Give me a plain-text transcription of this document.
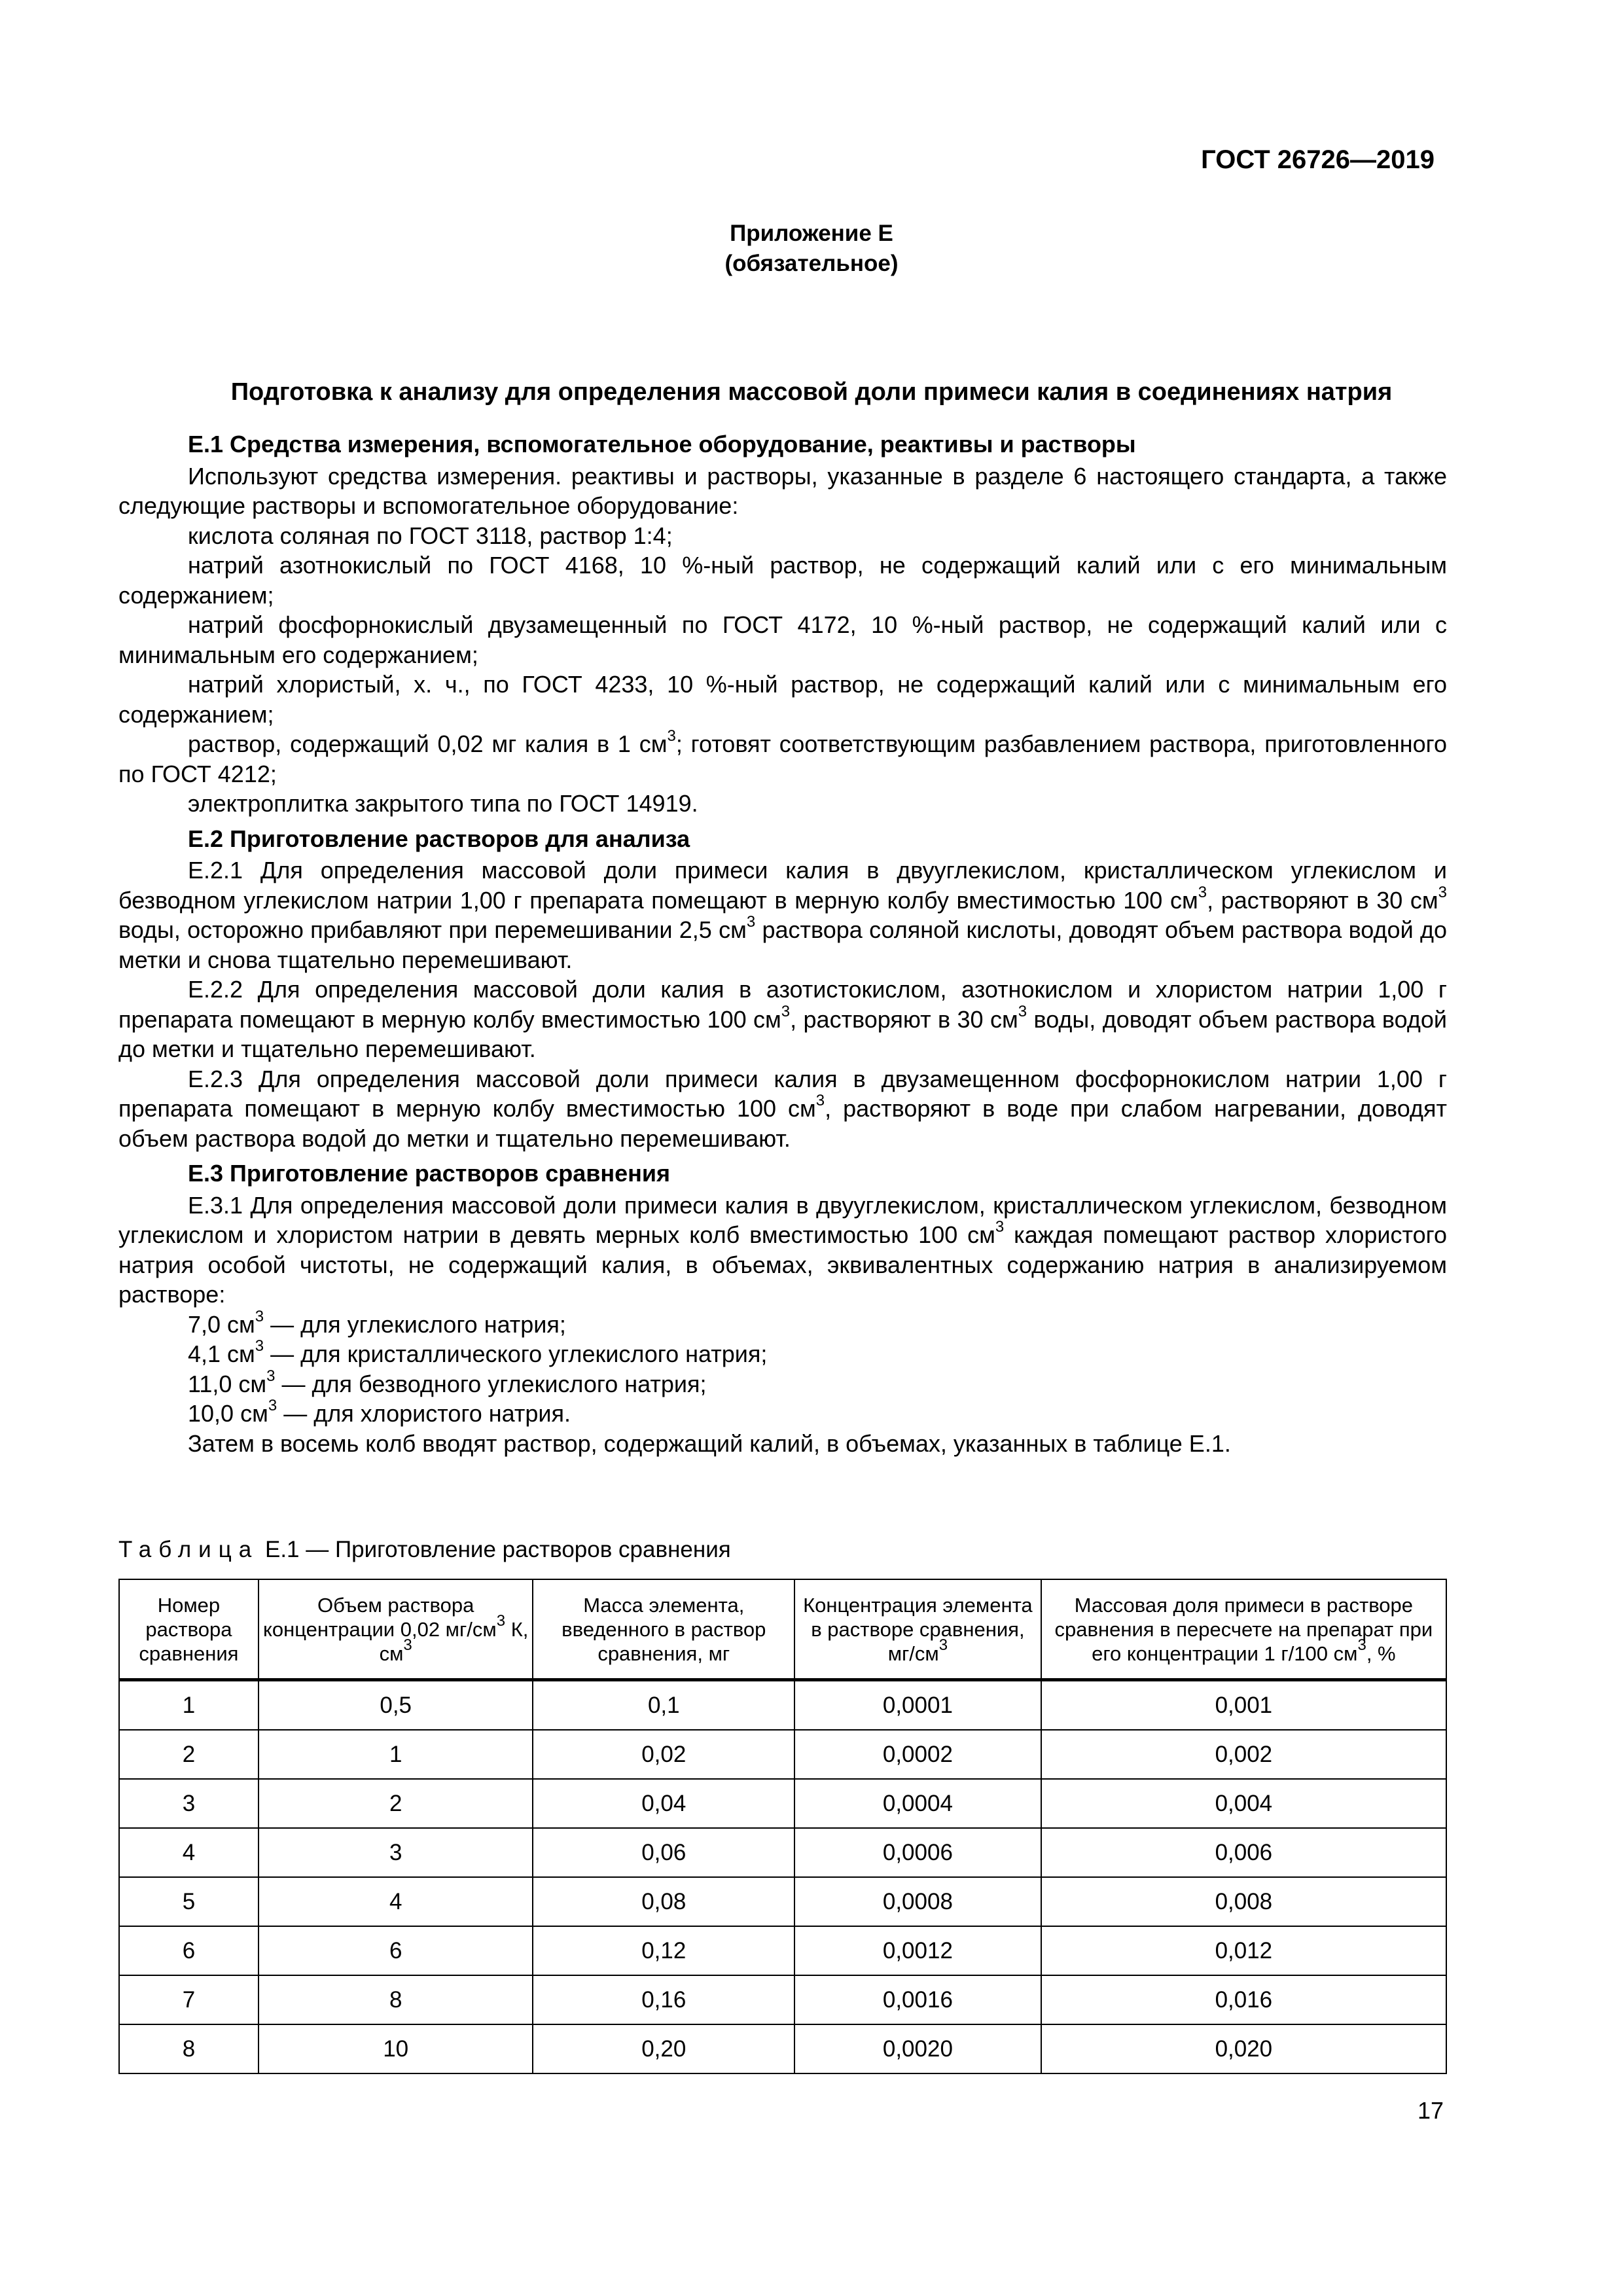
ГОСТ 26726—2019
Приложение Е
(обязательное)
Подготовка к анализу для определения массовой доли примеси калия в соединениях натрия

Е.1 Средства измерения, вспомогательное оборудование, реактивы и растворы

Используют средства измерения. реактивы и растворы, указанные в разделе 6 настоящего стандарта, а также следующие растворы и вспомогательное оборудование:

кислота соляная по ГОСТ 3118, раствор 1:4;

натрий азотнокислый по ГОСТ 4168, 10 %-ный раствор, не содержащий калий или с его минимальным содержанием;

натрий фосфорнокислый двузамещенный по ГОСТ 4172, 10 %-ный раствор, не содержащий калий или с минимальным его содержанием;

натрий хлористый, х. ч., по ГОСТ 4233, 10 %-ный раствор, не содержащий калий или с минимальным его содержанием;

раствор, содержащий 0,02 мг калия в 1 $см^3$; готовят соответствующим разбавлением раствора, приготовленного по ГОСТ 4212;

электроплитка закрытого типа по ГОСТ 14919.

Е.2 Приготовление растворов для анализа

Е.2.1 Для определения массовой доли примеси калия в двууглекислом, кристаллическом углекислом и безводном углекислом натрии 1,00 г препарата помещают в мерную колбу вместимостью 100 $см^3$, растворяют в 30 $см^3$ воды, осторожно прибавляют при перемешивании 2,5 $см^3$ раствора соляной кислоты, доводят объем раствора водой до метки и снова тщательно перемешивают.

Е.2.2 Для определения массовой доли калия в азотистокислом, азотнокислом и хлористом натрии 1,00 г препарата помещают в мерную колбу вместимостью 100 $см^3$, растворяют в 30 $см^3$ воды, доводят объем раствора водой до метки и тщательно перемешивают.

Е.2.3 Для определения массовой доли примеси калия в двузамещенном фосфорнокислом натрии 1,00 г препарата помещают в мерную колбу вместимостью 100 $см^3$, растворяют в воде при слабом нагревании, доводят объем раствора водой до метки и тщательно перемешивают.

Е.3 Приготовление растворов сравнения

Е.3.1 Для определения массовой доли примеси калия в двууглекислом, кристаллическом углекислом, безводном углекислом и хлористом натрии в девять мерных колб вместимостью 100 $см^3$ каждая помещают раствор хлористого натрия особой чистоты, не содержащий калия, в объемах, эквивалентных содержанию натрия в анализируемом растворе:

7,0 $см^3$ — для углекислого натрия;

4,1 $см^3$ — для кристаллического углекислого натрия;

11,0 $см^3$ — для безводного углекислого натрия;

10,0 $см^3$ — для хлористого натрия.

Затем в восемь колб вводят раствор, содержащий калий, в объемах, указанных в таблице Е.1.

Таблица Е.1 — Приготовление растворов сравнения
Номер раствора сравнения	Объем раствора концентрации 0,02 $мг/см^3$ К, $см^3$	Масса элемента, введенного в раствор сравнения, мг	Концентрация элемента в растворе сравнения, $мг/см^3$	Массовая доля примеси в растворе сравнения в пересчете на препарат при его концентрации 1 г/100 $см^3$, %
1	0,5	0,1	0,0001	0,001
2	1	0,02	0,0002	0,002
3	2	0,04	0,0004	0,004
4	3	0,06	0,0006	0,006
5	4	0,08	0,0008	0,008
6	6	0,12	0,0012	0,012
7	8	0,16	0,0016	0,016
8	10	0,20	0,0020	0,020
17
